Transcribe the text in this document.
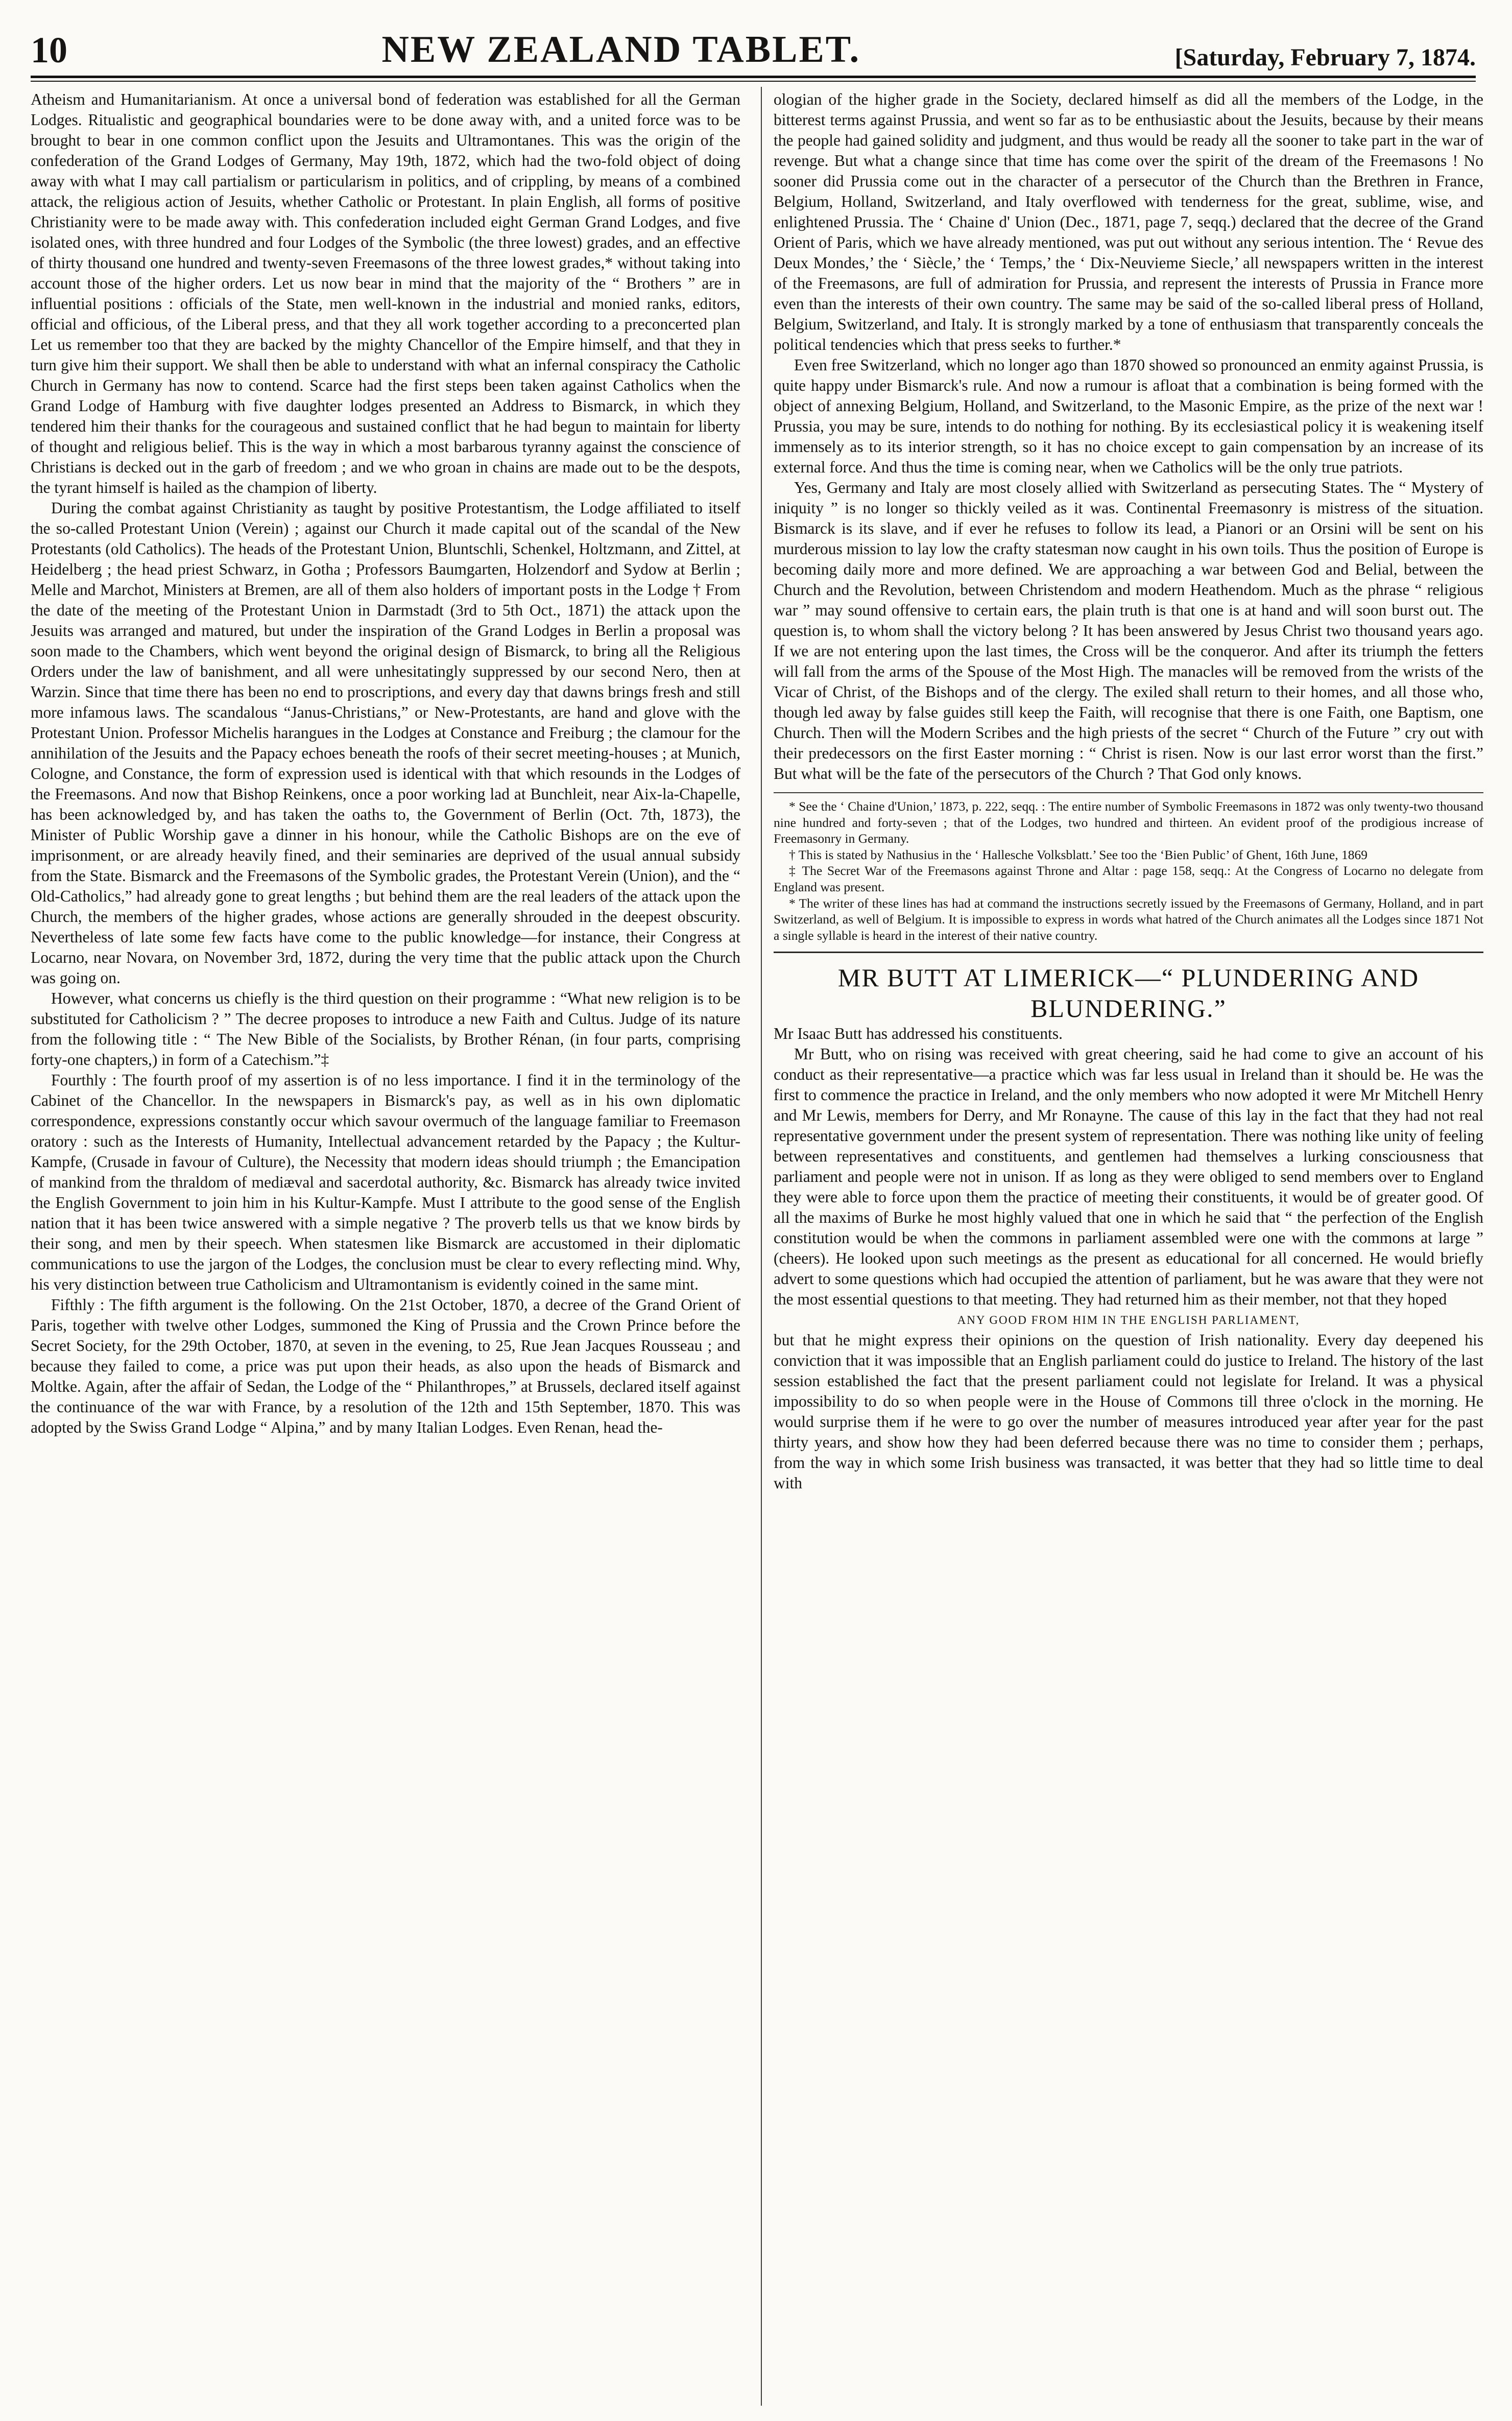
10	NEW ZEALAND TABLET.	[Saturday, February 7, 1874.

Atheism and Humanitarianism. At once a universal bond of federation was established for all the German Lodges. Ritualistic and geographical boundaries were to be done away with, and a united force was to be brought to bear in one common conflict upon the Jesuits and Ultramontanes. This was the origin of the confederation of the Grand Lodges of Germany, May 19th, 1872, which had the two-fold object of doing away with what I may call partialism or particularism in politics, and of crippling, by means of a combined attack, the religious action of Jesuits, whether Catholic or Protestant. In plain English, all forms of positive Christianity were to be made away with. This confederation included eight German Grand Lodges, and five isolated ones, with three hundred and four Lodges of the Symbolic (the three lowest) grades, and an effective of thirty thousand one hundred and twenty-seven Freemasons of the three lowest grades,* without taking into account those of the higher orders. Let us now bear in mind that the majority of the “ Brothers ” are in influential positions : officials of the State, men well-known in the industrial and monied ranks, editors, official and officious, of the Liberal press, and that they all work together according to a preconcerted plan Let us remember too that they are backed by the mighty Chancellor of the Empire himself, and that they in turn give him their support. We shall then be able to understand with what an infernal conspiracy the Catholic Church in Germany has now to contend. Scarce had the first steps been taken against Catholics when the Grand Lodge of Hamburg with five daughter lodges presented an Address to Bismarck, in which they tendered him their thanks for the courageous and sustained conflict that he had begun to maintain for liberty of thought and religious belief. This is the way in which a most barbarous tyranny against the conscience of Christians is decked out in the garb of freedom ; and we who groan in chains are made out to be the despots, the tyrant himself is hailed as the champion of liberty.

During the combat against Christianity as taught by positive Protestantism, the Lodge affiliated to itself the so-called Protestant Union (Verein) ; against our Church it made capital out of the scandal of the New Protestants (old Catholics). The heads of the Protestant Union, Bluntschli, Schenkel, Holtzmann, and Zittel, at Heidelberg ; the head priest Schwarz, in Gotha ; Professors Baumgarten, Holzendorf and Sydow at Berlin ; Melle and Marchot, Ministers at Bremen, are all of them also holders of important posts in the Lodge † From the date of the meeting of the Protestant Union in Darmstadt (3rd to 5th Oct., 1871) the attack upon the Jesuits was arranged and matured, but under the inspiration of the Grand Lodges in Berlin a proposal was soon made to the Chambers, which went beyond the original design of Bismarck, to bring all the Religious Orders under the law of banishment, and all were unhesitatingly suppressed by our second Nero, then at Warzin. Since that time there has been no end to proscriptions, and every day that dawns brings fresh and still more infamous laws. The scandalous “Janus-Christians,” or New-Protestants, are hand and glove with the Protestant Union. Professor Michelis harangues in the Lodges at Constance and Freiburg ; the clamour for the annihilation of the Jesuits and the Papacy echoes beneath the roofs of their secret meeting-houses ; at Munich, Cologne, and Constance, the form of expression used is identical with that which resounds in the Lodges of the Freemasons. And now that Bishop Reinkens, once a poor working lad at Bunchleit, near Aix-la-Chapelle, has been acknowledged by, and has taken the oaths to, the Government of Berlin (Oct. 7th, 1873), the Minister of Public Worship gave a dinner in his honour, while the Catholic Bishops are on the eve of imprisonment, or are already heavily fined, and their seminaries are deprived of the usual annual subsidy from the State. Bismarck and the Freemasons of the Symbolic grades, the Protestant Verein (Union), and the “ Old-Catholics,” had already gone to great lengths ; but behind them are the real leaders of the attack upon the Church, the members of the higher grades, whose actions are generally shrouded in the deepest obscurity. Nevertheless of late some few facts have come to the public knowledge—for instance, their Congress at Locarno, near Novara, on November 3rd, 1872, during the very time that the public attack upon the Church was going on.

However, what concerns us chiefly is the third question on their programme : “What new religion is to be substituted for Catholicism ? ” The decree proposes to introduce a new Faith and Cultus. Judge of its nature from the following title : “ The New Bible of the Socialists, by Brother Rénan, (in four parts, comprising forty-one chapters,) in form of a Catechism.”‡

Fourthly : The fourth proof of my assertion is of no less importance. I find it in the terminology of the Cabinet of the Chancellor. In the newspapers in Bismarck's pay, as well as in his own diplomatic correspondence, expressions constantly occur which savour overmuch of the language familiar to Freemason oratory : such as the Interests of Humanity, Intellectual advancement retarded by the Papacy ; the Kultur-Kampfe, (Crusade in favour of Culture), the Necessity that modern ideas should triumph ; the Emancipation of mankind from the thraldom of mediæval and sacerdotal authority, &c. Bismarck has already twice invited the English Government to join him in his Kultur-Kampfe. Must I attribute to the good sense of the English nation that it has been twice answered with a simple negative ? The proverb tells us that we know birds by their song, and men by their speech. When statesmen like Bismarck are accustomed in their diplomatic communications to use the jargon of the Lodges, the conclusion must be clear to every reflecting mind. Why, his very distinction between true Catholicism and Ultramontanism is evidently coined in the same mint.

Fifthly : The fifth argument is the following. On the 21st October, 1870, a decree of the Grand Orient of Paris, together with twelve other Lodges, summoned the King of Prussia and the Crown Prince before the Secret Society, for the 29th October, 1870, at seven in the evening, to 25, Rue Jean Jacques Rousseau ; and because they failed to come, a price was put upon their heads, as also upon the heads of Bismarck and Moltke. Again, after the affair of Sedan, the Lodge of the “ Philanthropes,” at Brussels, declared itself against the continuance of the war with France, by a resolution of the 12th and 15th September, 1870. This was adopted by the Swiss Grand Lodge “ Alpina,” and by many Italian Lodges. Even Renan, head the-

ologian of the higher grade in the Society, declared himself as did all the members of the Lodge, in the bitterest terms against Prussia, and went so far as to be enthusiastic about the Jesuits, because by their means the people had gained solidity and judgment, and thus would be ready all the sooner to take part in the war of revenge. But what a change since that time has come over the spirit of the dream of the Freemasons ! No sooner did Prussia come out in the character of a persecutor of the Church than the Brethren in France, Belgium, Holland, Switzerland, and Italy overflowed with tenderness for the great, sublime, wise, and enlightened Prussia. The ‘ Chaine d' Union (Dec., 1871, page 7, seqq.) declared that the decree of the Grand Orient of Paris, which we have already mentioned, was put out without any serious intention. The ‘ Revue des Deux Mondes,’ the ‘ Siècle,’ the ‘ Temps,’ the ‘ Dix-Neuvieme Siecle,’ all newspapers written in the interest of the Freemasons, are full of admiration for Prussia, and represent the interests of Prussia in France more even than the interests of their own country. The same may be said of the so-called liberal press of Holland, Belgium, Switzerland, and Italy. It is strongly marked by a tone of enthusiasm that transparently conceals the political tendencies which that press seeks to further.*

Even free Switzerland, which no longer ago than 1870 showed so pronounced an enmity against Prussia, is quite happy under Bismarck's rule. And now a rumour is afloat that a combination is being formed with the object of annexing Belgium, Holland, and Switzerland, to the Masonic Empire, as the prize of the next war ! Prussia, you may be sure, intends to do nothing for nothing. By its ecclesiastical policy it is weakening itself immensely as to its interior strength, so it has no choice except to gain compensation by an increase of its external force. And thus the time is coming near, when we Catholics will be the only true patriots.

Yes, Germany and Italy are most closely allied with Switzerland as persecuting States. The “ Mystery of iniquity ” is no longer so thickly veiled as it was. Continental Freemasonry is mistress of the situation. Bismarck is its slave, and if ever he refuses to follow its lead, a Pianori or an Orsini will be sent on his murderous mission to lay low the crafty statesman now caught in his own toils. Thus the position of Europe is becoming daily more and more defined. We are approaching a war between God and Belial, between the Church and the Revolution, between Christendom and modern Heathendom. Much as the phrase “ religious war ” may sound offensive to certain ears, the plain truth is that one is at hand and will soon burst out. The question is, to whom shall the victory belong ? It has been answered by Jesus Christ two thousand years ago. If we are not entering upon the last times, the Cross will be the conqueror. And after its triumph the fetters will fall from the arms of the Spouse of the Most High. The manacles will be removed from the wrists of the Vicar of Christ, of the Bishops and of the clergy. The exiled shall return to their homes, and all those who, though led away by false guides still keep the Faith, will recognise that there is one Faith, one Baptism, one Church. Then will the Modern Scribes and the high priests of the secret “ Church of the Future ” cry out with their predecessors on the first Easter morning : “ Christ is risen. Now is our last error worst than the first.” But what will be the fate of the persecutors of the Church ? That God only knows.

* See the ‘ Chaine d'Union,’ 1873, p. 222, seqq. : The entire number of Symbolic Freemasons in 1872 was only twenty-two thousand nine hundred and forty-seven ; that of the Lodges, two hundred and thirteen. An evident proof of the prodigious increase of Freemasonry in Germany.

† This is stated by Nathusius in the ‘ Hallesche Volksblatt.’ See too the ‘Bien Public’ of Ghent, 16th June, 1869

‡ The Secret War of the Freemasons against Throne and Altar : page 158, seqq.: At the Congress of Locarno no delegate from England was present.

* The writer of these lines has had at command the instructions secretly issued by the Freemasons of Germany, Holland, and in part Switzerland, as well of Belgium. It is impossible to express in words what hatred of the Church animates all the Lodges since 1871 Not a single syllable is heard in the interest of their native country.

MR BUTT AT LIMERICK—“ PLUNDERING AND BLUNDERING.”

Mr Isaac Butt has addressed his constituents.

Mr Butt, who on rising was received with great cheering, said he had come to give an account of his conduct as their representative—a practice which was far less usual in Ireland than it should be. He was the first to commence the practice in Ireland, and the only members who now adopted it were Mr Mitchell Henry and Mr Lewis, members for Derry, and Mr Ronayne. The cause of this lay in the fact that they had not real representative government under the present system of representation. There was nothing like unity of feeling between representatives and constituents, and gentlemen had themselves a lurking consciousness that parliament and people were not in unison. If as long as they were obliged to send members over to England they were able to force upon them the practice of meeting their constituents, it would be of greater good. Of all the maxims of Burke he most highly valued that one in which he said that “ the perfection of the English constitution would be when the commons in parliament assembled were one with the commons at large ” (cheers). He looked upon such meetings as the present as educational for all concerned. He would briefly advert to some questions which had occupied the attention of parliament, but he was aware that they were not the most essential questions to that meeting. They had returned him as their member, not that they hoped

ANY GOOD FROM HIM IN THE ENGLISH PARLIAMENT,

but that he might express their opinions on the question of Irish nationality. Every day deepened his conviction that it was impossible that an English parliament could do justice to Ireland. The history of the last session established the fact that the present parliament could not legislate for Ireland. It was a physical impossibility to do so when people were in the House of Commons till three o'clock in the morning. He would surprise them if he were to go over the number of measures introduced year after year for the past thirty years, and show how they had been deferred because there was no time to consider them ; perhaps, from the way in which some Irish business was transacted, it was better that they had so little time to deal with
